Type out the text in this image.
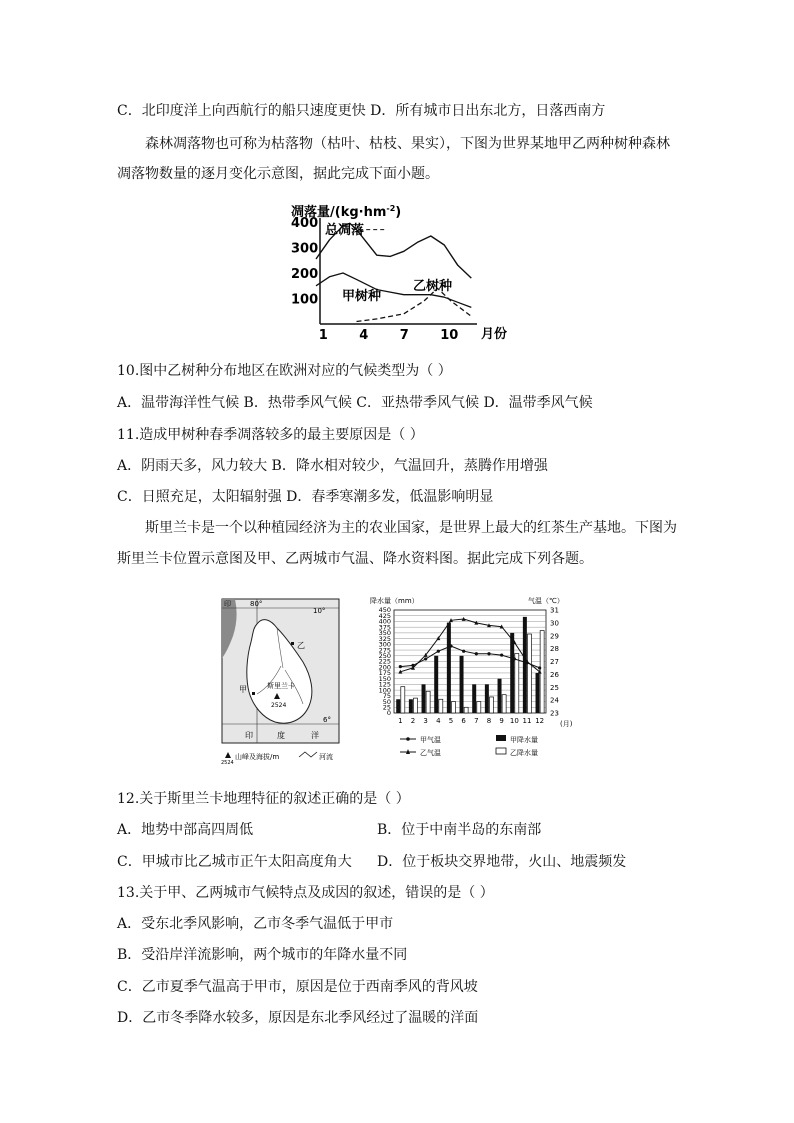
C．北印度洋上向西航行的船只速度更快 D．所有城市日出东北方，日落西南方
森林凋落物也可称为枯落物（枯叶、枯枝、果实），下图为世界某地甲乙两种树种森林
凋落物数量的逐月变化示意图，据此完成下面小题。
凋落量$/(kg\cdot hm^{-2})$
月份
400
300
200
100
1 4 7 10
总凋落
甲树种
乙树种
10.图中乙树种分布地区在欧洲对应的气候类型为（ ）
A．温带海洋性气候 B．热带季风气候 C．亚热带季风气候 D．温带季风气候
11.造成甲树种春季凋落较多的最主要原因是（ ）
A．阴雨天多，风力较大 B．降水相对较少，气温回升，蒸腾作用增强
C．日照充足，太阳辐射强 D．春季寒潮多发，低温影响明显
斯里兰卡是一个以种植园经济为主的农业国家，是世界上最大的红茶生产基地。下图为
斯里兰卡位置示意图及甲、乙两城市气温、降水资料图。据此完成下列各题。
印	80°
10°
6°
乙
甲	斯里兰卡
2524
印	度	洋
2524
山峰及海拔/m	河流
降水量（mm）	气温（℃）
0
25
50
75
100
125
150
175
200
225
250
275
300
325
350
375
400
425
450
23
24
25
26
27
28
29
30
31
1 2 3 4 5 6 7 8 9 10 11 12 (月)
甲气温	甲降水量
乙气温	乙降水量
12.关于斯里兰卡地理特征的叙述正确的是（ ）
A．地势中部高四周低	B．位于中南半岛的东南部
C．甲城市比乙城市正午太阳高度角大 D．位于板块交界地带，火山、地震频发
13.关于甲、乙两城市气候特点及成因的叙述，错误的是（ ）
A．受东北季风影响，乙市冬季气温低于甲市
B．受沿岸洋流影响，两个城市的年降水量不同
C．乙市夏季气温高于甲市，原因是位于西南季风的背风坡
D．乙市冬季降水较多，原因是东北季风经过了温暖的洋面
